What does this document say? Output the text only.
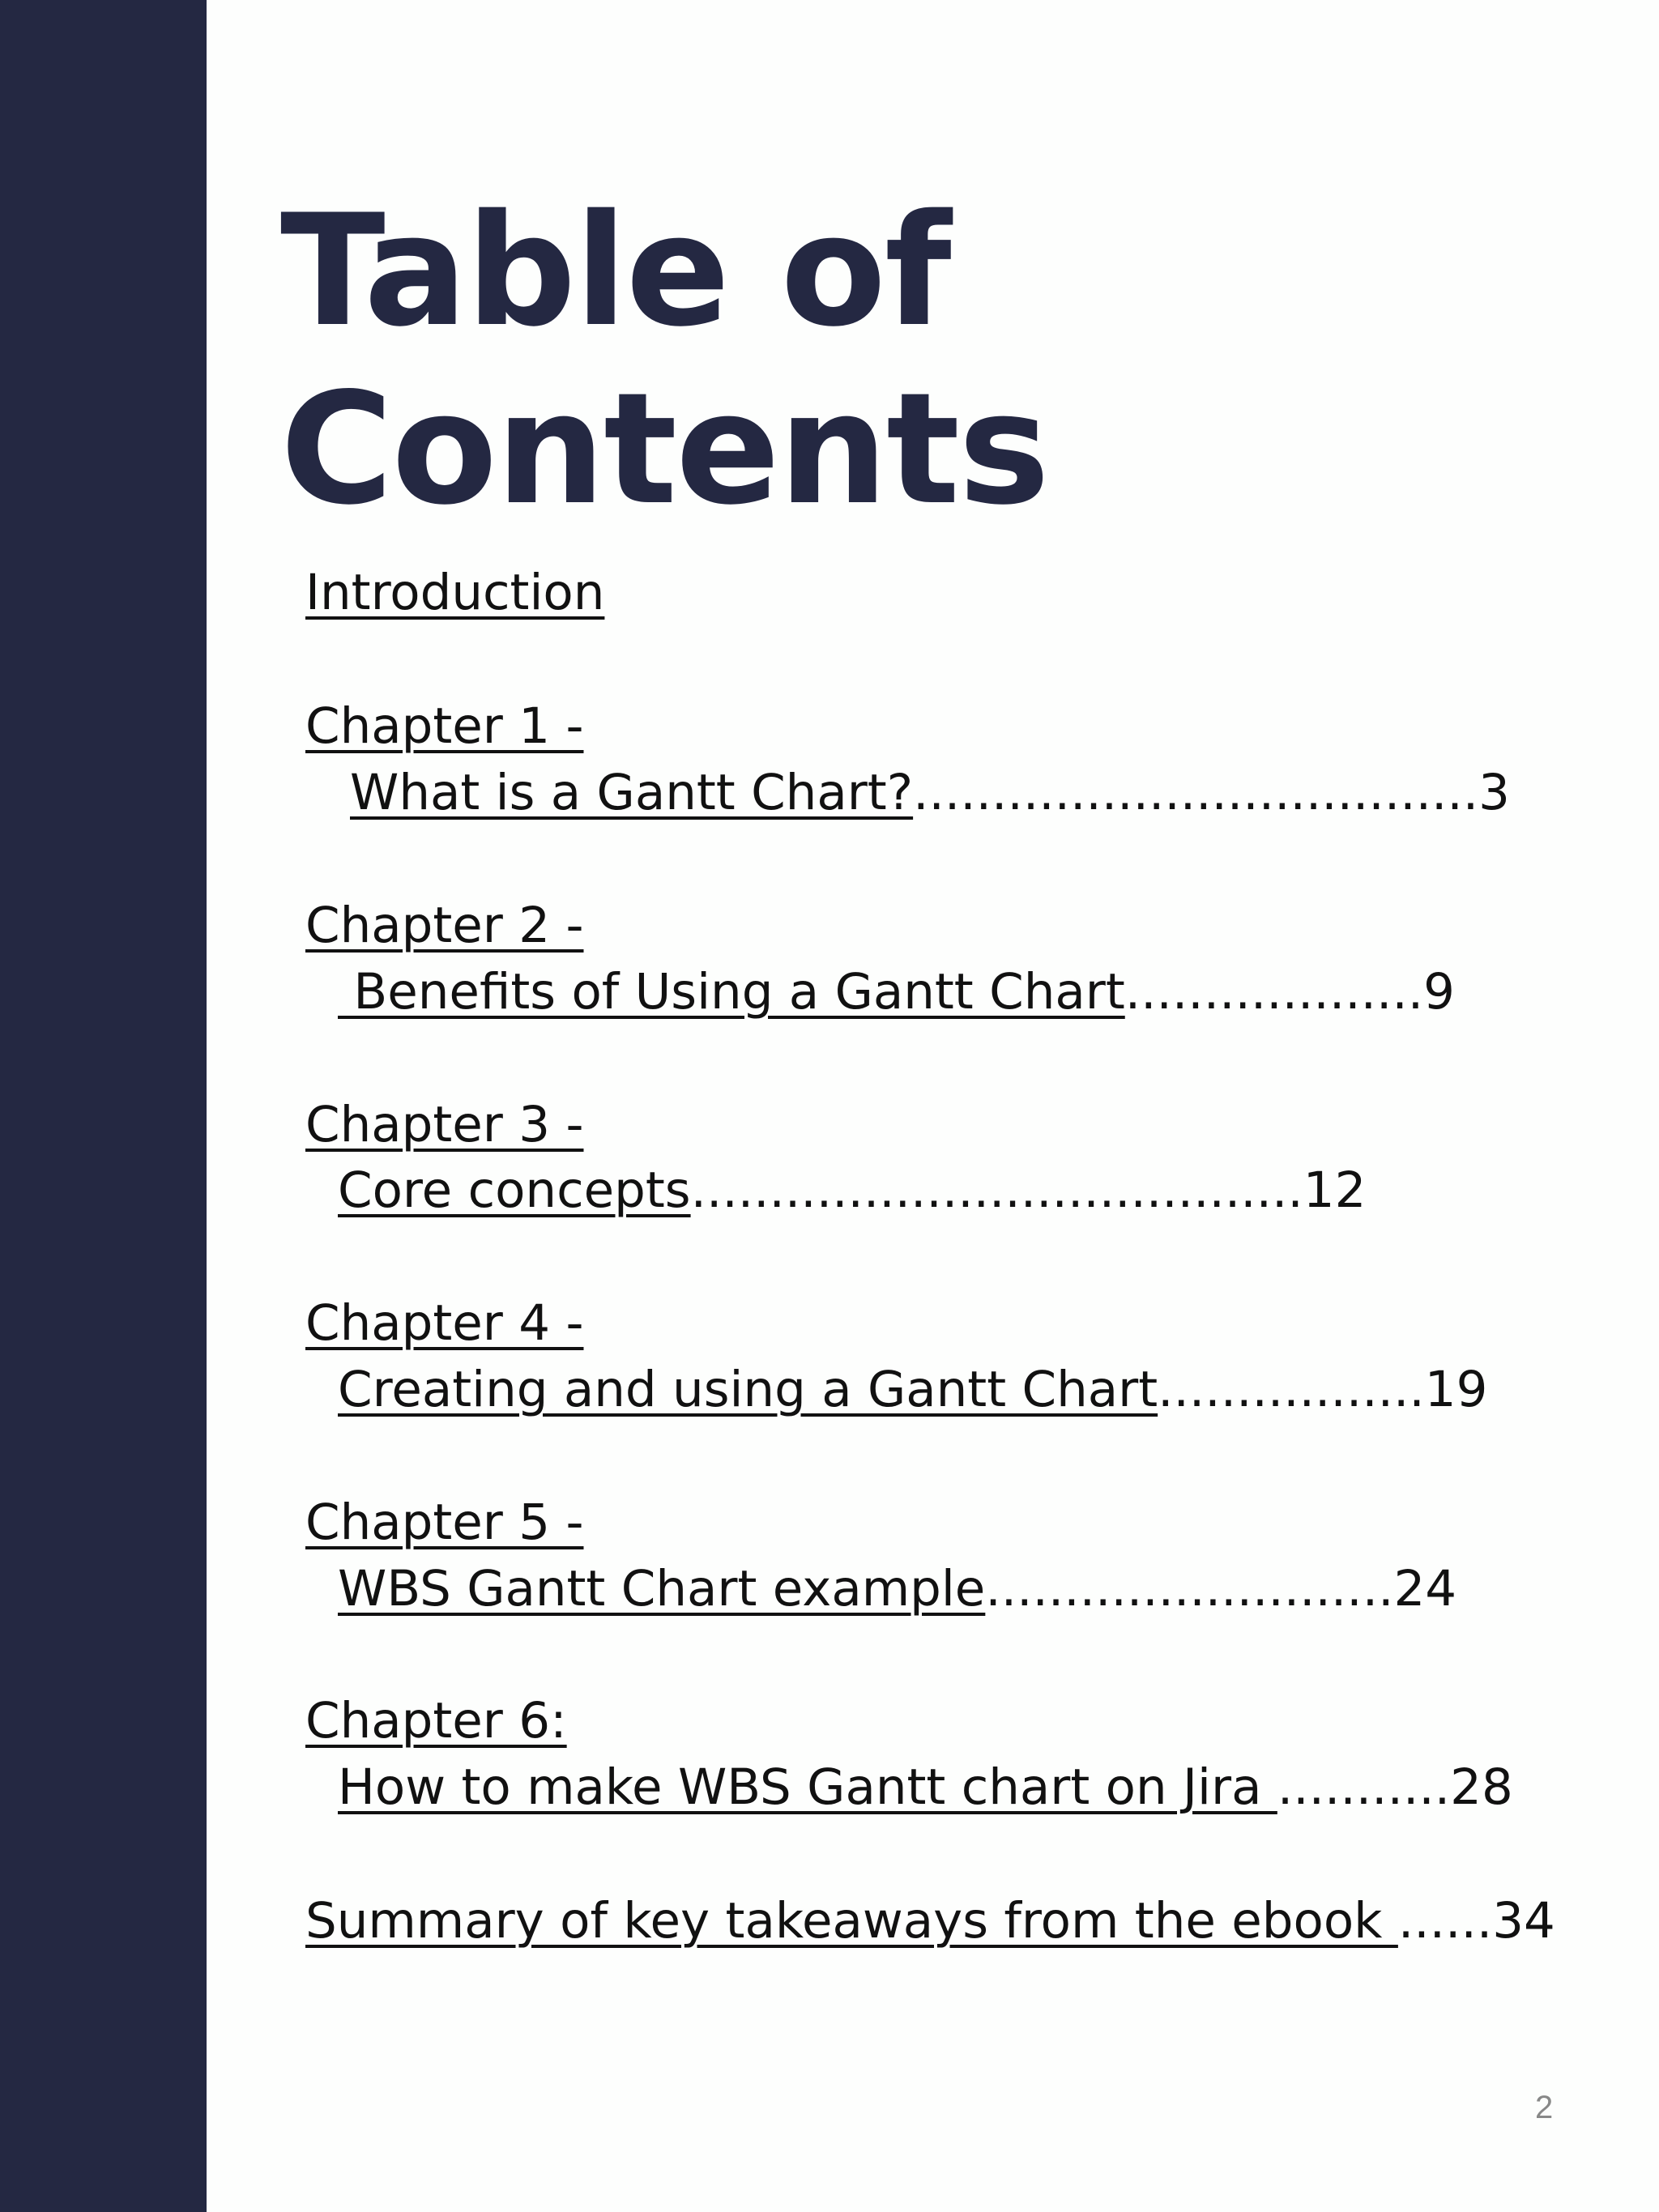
Table of
Contents
Introduction
Chapter 1 -
What is a Gantt Chart?....................................3
Chapter 2 -
Benefits of Using a Gantt Chart...................9
Chapter 3 -
Core concepts.......................................12
Chapter 4 -
Creating and using a Gantt Chart.................19
Chapter 5 -
WBS Gantt Chart example..........................24
Chapter 6:
How to make WBS Gantt chart on Jira ...........28
Summary of key takeaways from the ebook ......34
2
